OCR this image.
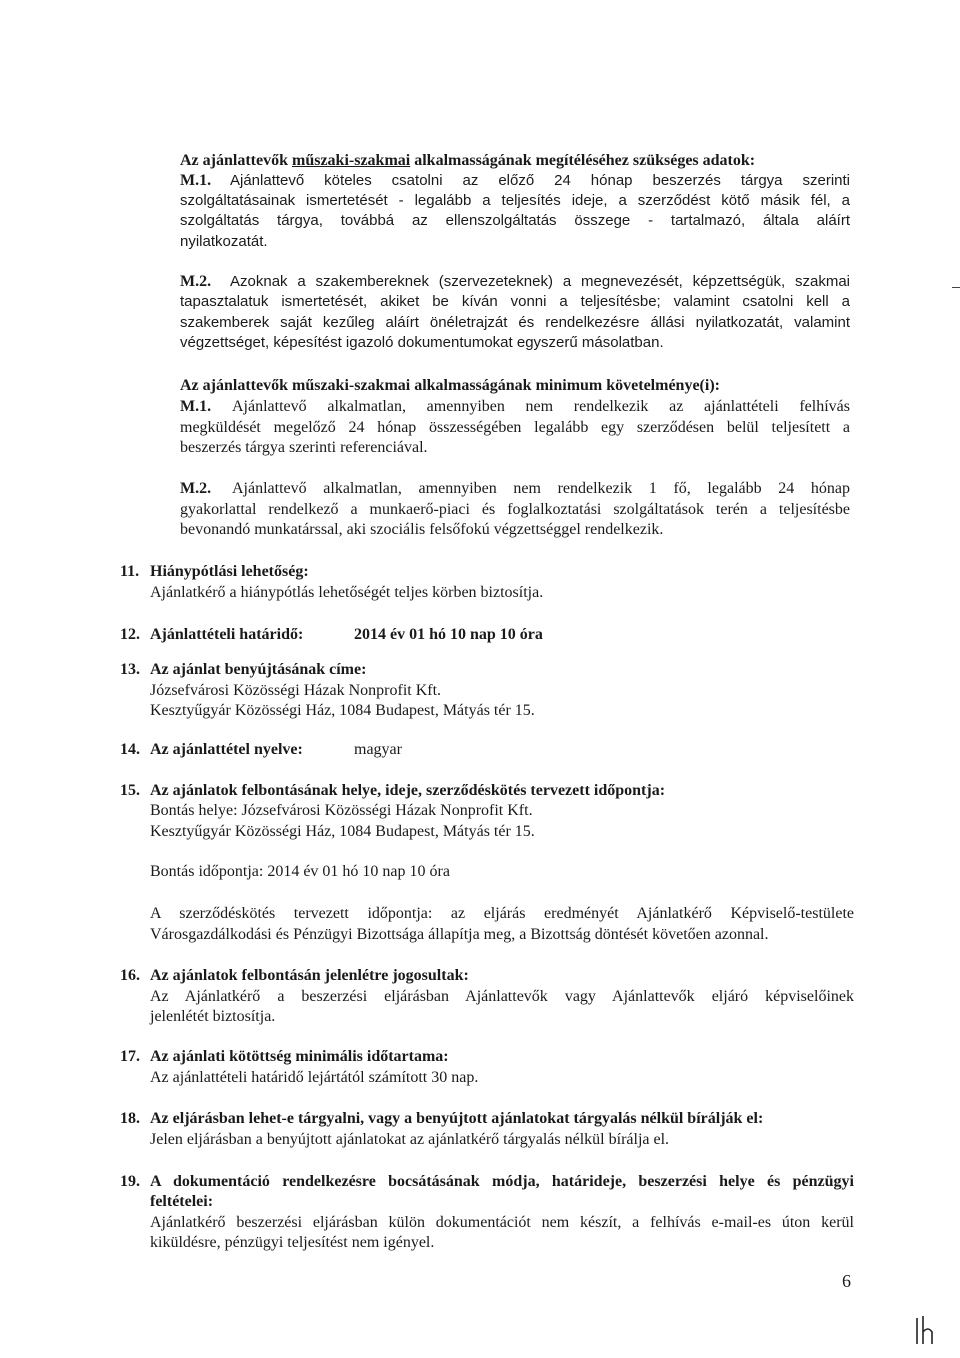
Az ajánlattevők műszaki-szakmai alkalmasságának megítéléséhez szükséges adatok:
M.1. Ajánlattevő köteles csatolni az előző 24 hónap beszerzés tárgya szerinti
szolgáltatásainak ismertetését - legalább a teljesítés ideje, a szerződést kötő másik fél, a
szolgáltatás tárgya, továbbá az ellenszolgáltatás összege - tartalmazó, általa aláírt
nyilatkozatát.
M.2. Azoknak a szakembereknek (szervezeteknek) a megnevezését, képzettségük, szakmai
tapasztalatuk ismertetését, akiket be kíván vonni a teljesítésbe; valamint csatolni kell a
szakemberek saját kezűleg aláírt önéletrajzát és rendelkezésre állási nyilatkozatát, valamint
végzettséget, képesítést igazoló dokumentumokat egyszerű másolatban.
Az ajánlattevők műszaki-szakmai alkalmasságának minimum követelménye(i):
M.1. Ajánlattevő alkalmatlan, amennyiben nem rendelkezik az ajánlattételi felhívás
megküldését megelőző 24 hónap összességében legalább egy szerződésen belül teljesített a
beszerzés tárgya szerinti referenciával.
M.2. Ajánlattevő alkalmatlan, amennyiben nem rendelkezik 1 fő, legalább 24 hónap
gyakorlattal rendelkező a munkaerő-piaci és foglalkoztatási szolgáltatások terén a teljesítésbe
bevonandó munkatárssal, aki szociális felsőfokú végzettséggel rendelkezik.
11. Hiánypótlási lehetőség:
Ajánlatkérő a hiánypótlás lehetőségét teljes körben biztosítja.
12. Ajánlattételi határidő:	2014 év 01 hó 10 nap 10 óra
13. Az ajánlat benyújtásának címe:
Józsefvárosi Közösségi Házak Nonprofit Kft.
Kesztyűgyár Közösségi Ház, 1084 Budapest, Mátyás tér 15.
14. Az ajánlattétel nyelve:	magyar
15. Az ajánlatok felbontásának helye, ideje, szerződéskötés tervezett időpontja:
Bontás helye: Józsefvárosi Közösségi Házak Nonprofit Kft.
Kesztyűgyár Közösségi Ház, 1084 Budapest, Mátyás tér 15.
Bontás időpontja: 2014 év 01 hó 10 nap 10 óra
A szerződéskötés tervezett időpontja: az eljárás eredményét Ajánlatkérő Képviselő-testülete
Városgazdálkodási és Pénzügyi Bizottsága állapítja meg, a Bizottság döntését követően azonnal.
16. Az ajánlatok felbontásán jelenlétre jogosultak:
Az Ajánlatkérő a beszerzési eljárásban Ajánlattevők vagy Ajánlattevők eljáró képviselőinek
jelenlétét biztosítja.
17. Az ajánlati kötöttség minimális időtartama:
Az ajánlattételi határidő lejártától számított 30 nap.
18. Az eljárásban lehet-e tárgyalni, vagy a benyújtott ajánlatokat tárgyalás nélkül bírálják el:
Jelen eljárásban a benyújtott ajánlatokat az ajánlatkérő tárgyalás nélkül bírálja el.
19. A dokumentáció rendelkezésre bocsátásának módja, határideje, beszerzési helye és pénzügyi
feltételei:
Ajánlatkérő beszerzési eljárásban külön dokumentációt nem készít, a felhívás e-mail-es úton kerül
kiküldésre, pénzügyi teljesítést nem igényel.
6
